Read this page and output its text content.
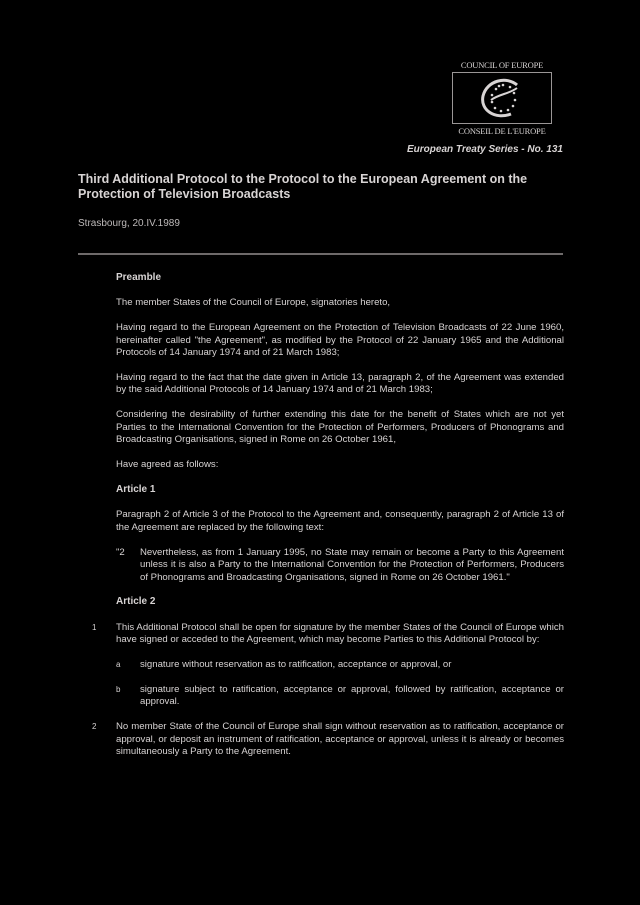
COUNCIL OF EUROPE
CONSEIL DE L'EUROPE
European Treaty Series - No. 131
Third Additional Protocol to the Protocol to the European Agreement on the Protection of Television Broadcasts
Strasbourg, 20.IV.1989
Preamble

The member States of the Council of Europe, signatories hereto,

Having regard to the European Agreement on the Protection of Television Broadcasts of 22 June 1960, hereinafter called "the Agreement", as modified by the Protocol of 22 January 1965 and the Additional Protocols of 14 January 1974 and of 21 March 1983;

Having regard to the fact that the date given in Article 13, paragraph 2, of the Agreement was extended by the said Additional Protocols of 14 January 1974 and of 21 March 1983;

Considering the desirability of further extending this date for the benefit of States which are not yet Parties to the International Convention for the Protection of Performers, Producers of Phonograms and Broadcasting Organisations, signed in Rome on 26 October 1961,

Have agreed as follows:

Article 1

Paragraph 2 of Article 3 of the Protocol to the Agreement and, consequently, paragraph 2 of Article 13 of the Agreement are replaced by the following text:

"2	Nevertheless, as from 1 January 1995, no State may remain or become a Party to this Agreement unless it is also a Party to the International Convention for the Protection of Performers, Producers of Phonograms and Broadcasting Organisations, signed in Rome on 26 October 1961."
Article 2
1	This Additional Protocol shall be open for signature by the member States of the Council of Europe which have signed or acceded to the Agreement, which may become Parties to this Additional Protocol by:
a	signature without reservation as to ratification, acceptance or approval, or
b	signature subject to ratification, acceptance or approval, followed by ratification, acceptance or approval.
2	No member State of the Council of Europe shall sign without reservation as to ratification, acceptance or approval, or deposit an instrument of ratification, acceptance or approval, unless it is already or becomes simultaneously a Party to the Agreement.
